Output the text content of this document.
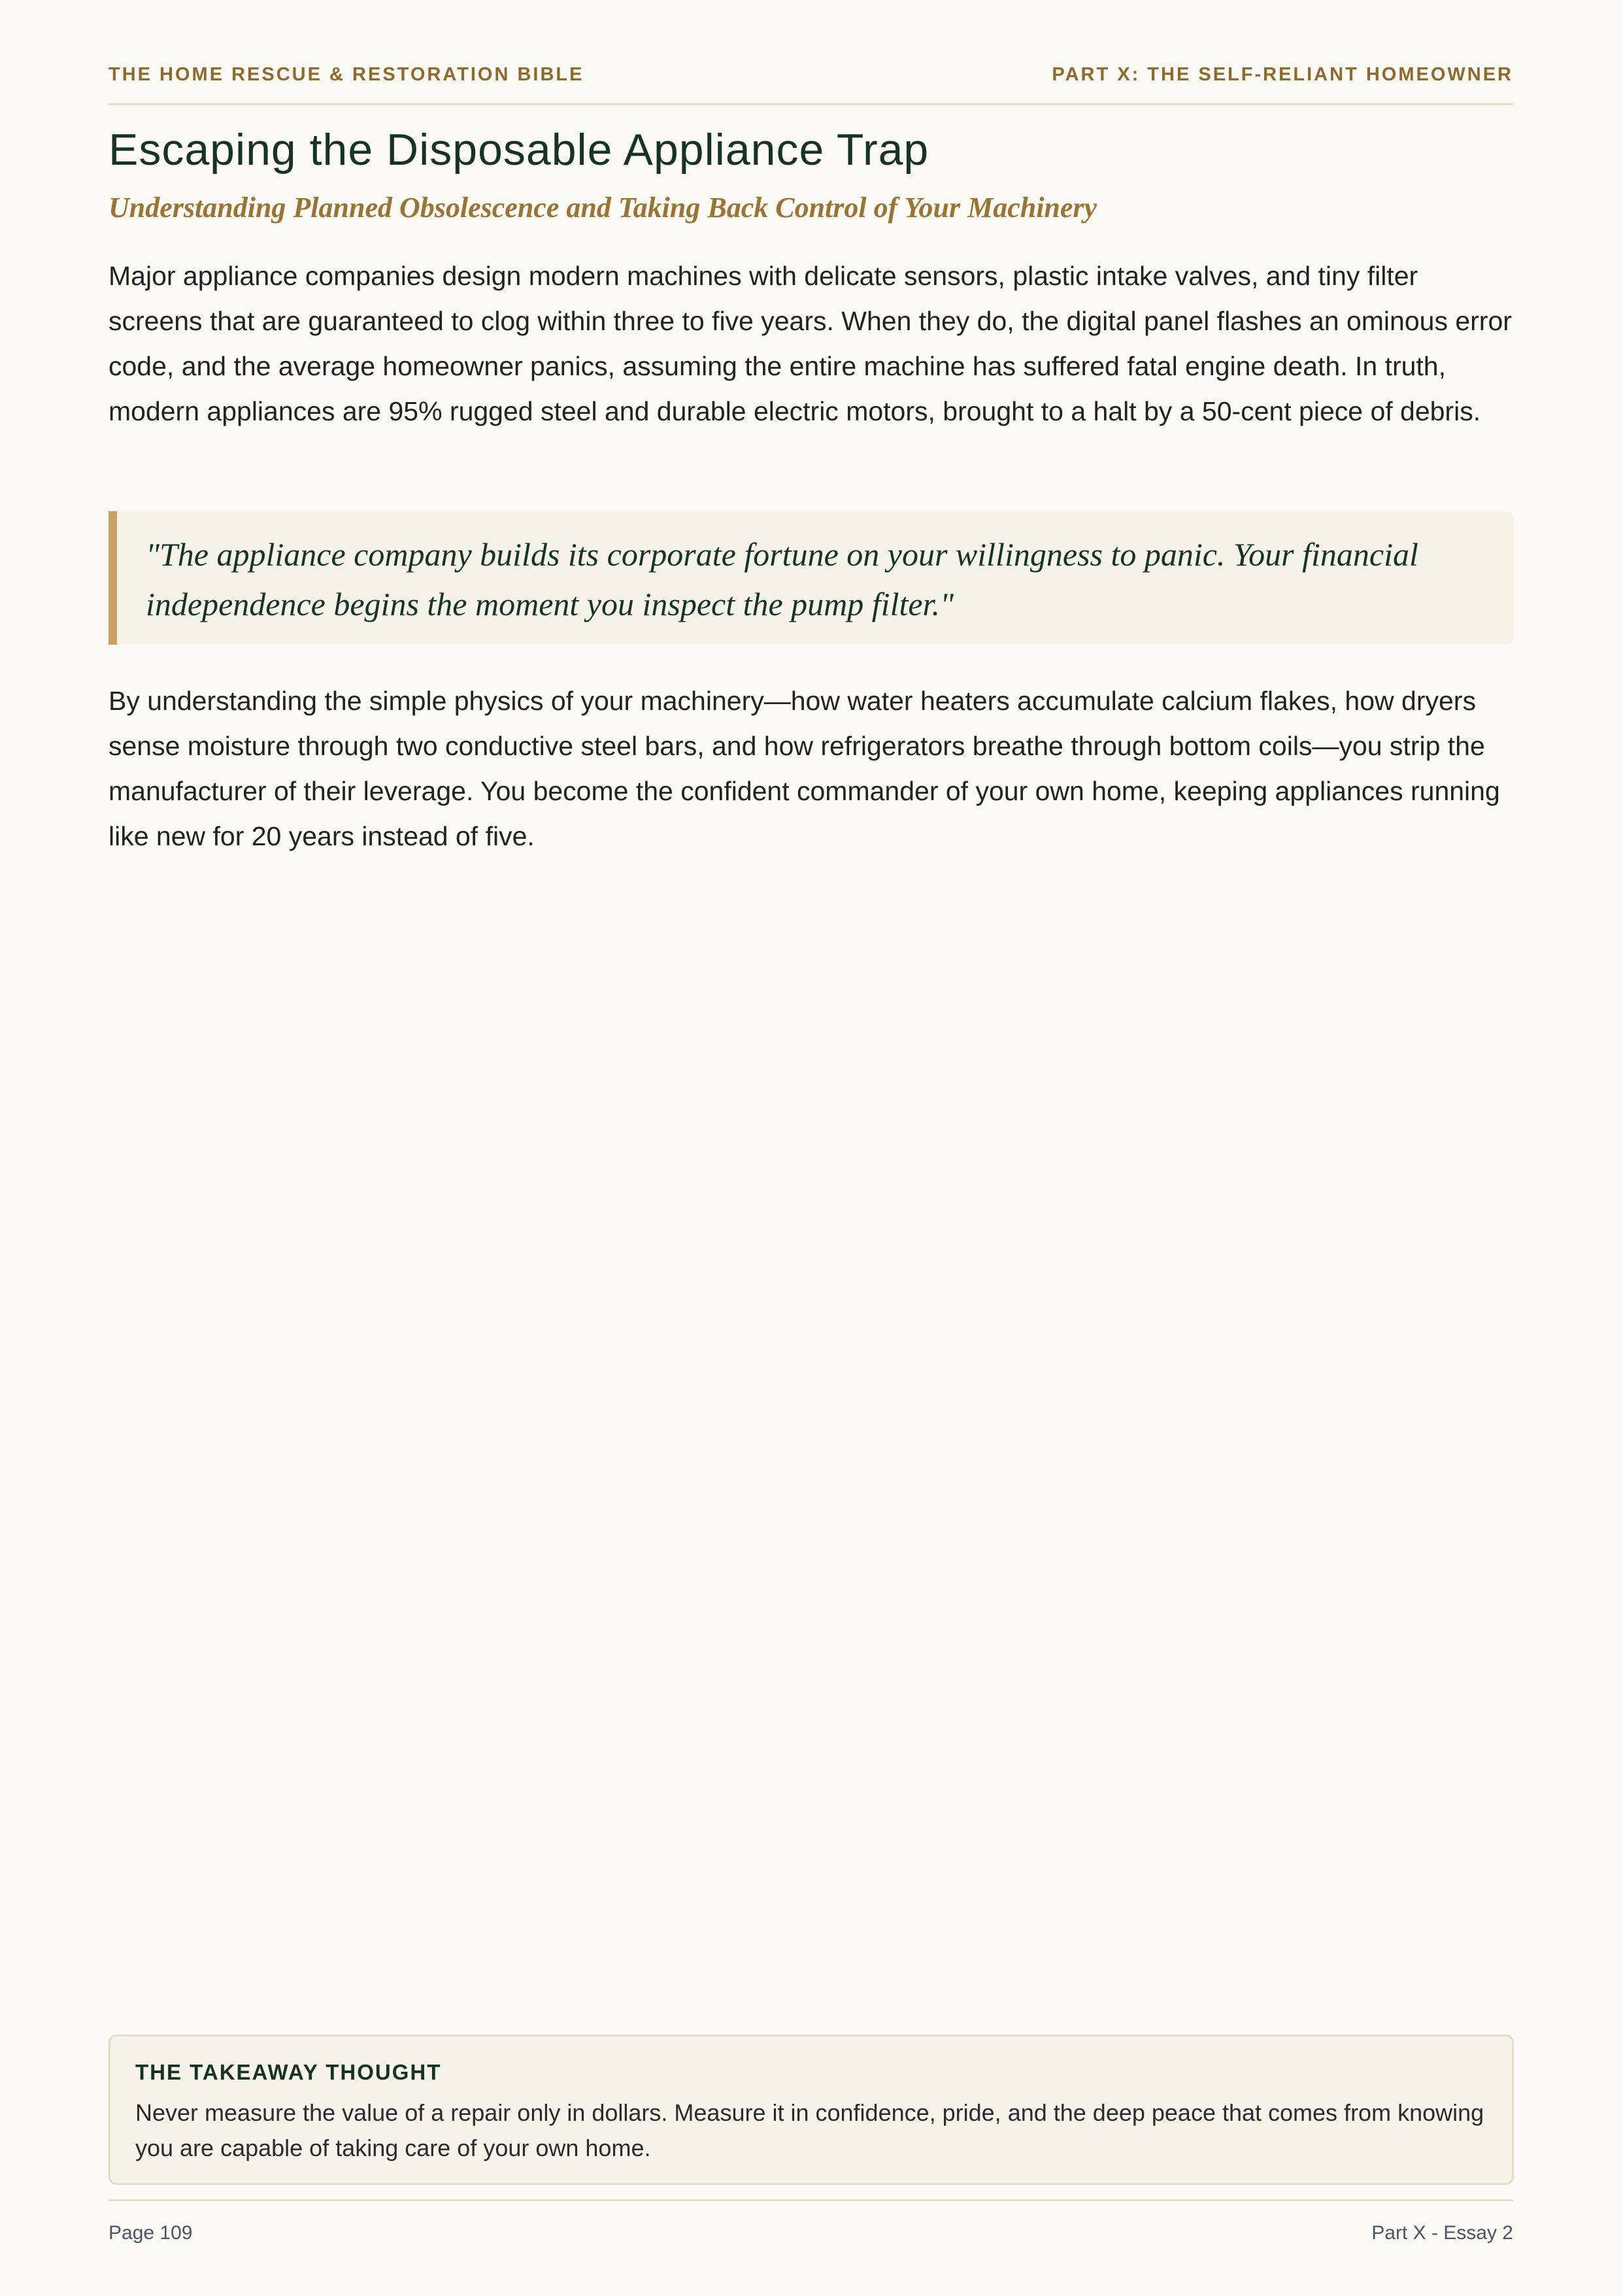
THE HOME RESCUE & RESTORATION BIBLE	PART X: THE SELF-RELIANT HOMEOWNER
Escaping the Disposable Appliance Trap
Understanding Planned Obsolescence and Taking Back Control of Your Machinery

Major appliance companies design modern machines with delicate sensors, plastic intake valves, and tiny filter screens that are guaranteed to clog within three to five years. When they do, the digital panel flashes an ominous error code, and the average homeowner panics, assuming the entire machine has suffered fatal engine death. In truth, modern appliances are 95% rugged steel and durable electric motors, brought to a halt by a 50-cent piece of debris.

"The appliance company builds its corporate fortune on your willingness to panic. Your financial independence begins the moment you inspect the pump filter."

By understanding the simple physics of your machinery—how water heaters accumulate calcium flakes, how dryers sense moisture through two conductive steel bars, and how refrigerators breathe through bottom coils—you strip the manufacturer of their leverage. You become the confident commander of your own home, keeping appliances running like new for 20 years instead of five.

THE TAKEAWAY THOUGHT

Never measure the value of a repair only in dollars. Measure it in confidence, pride, and the deep peace that comes from knowing you are capable of taking care of your own home.

Page 109	Part X - Essay 2
